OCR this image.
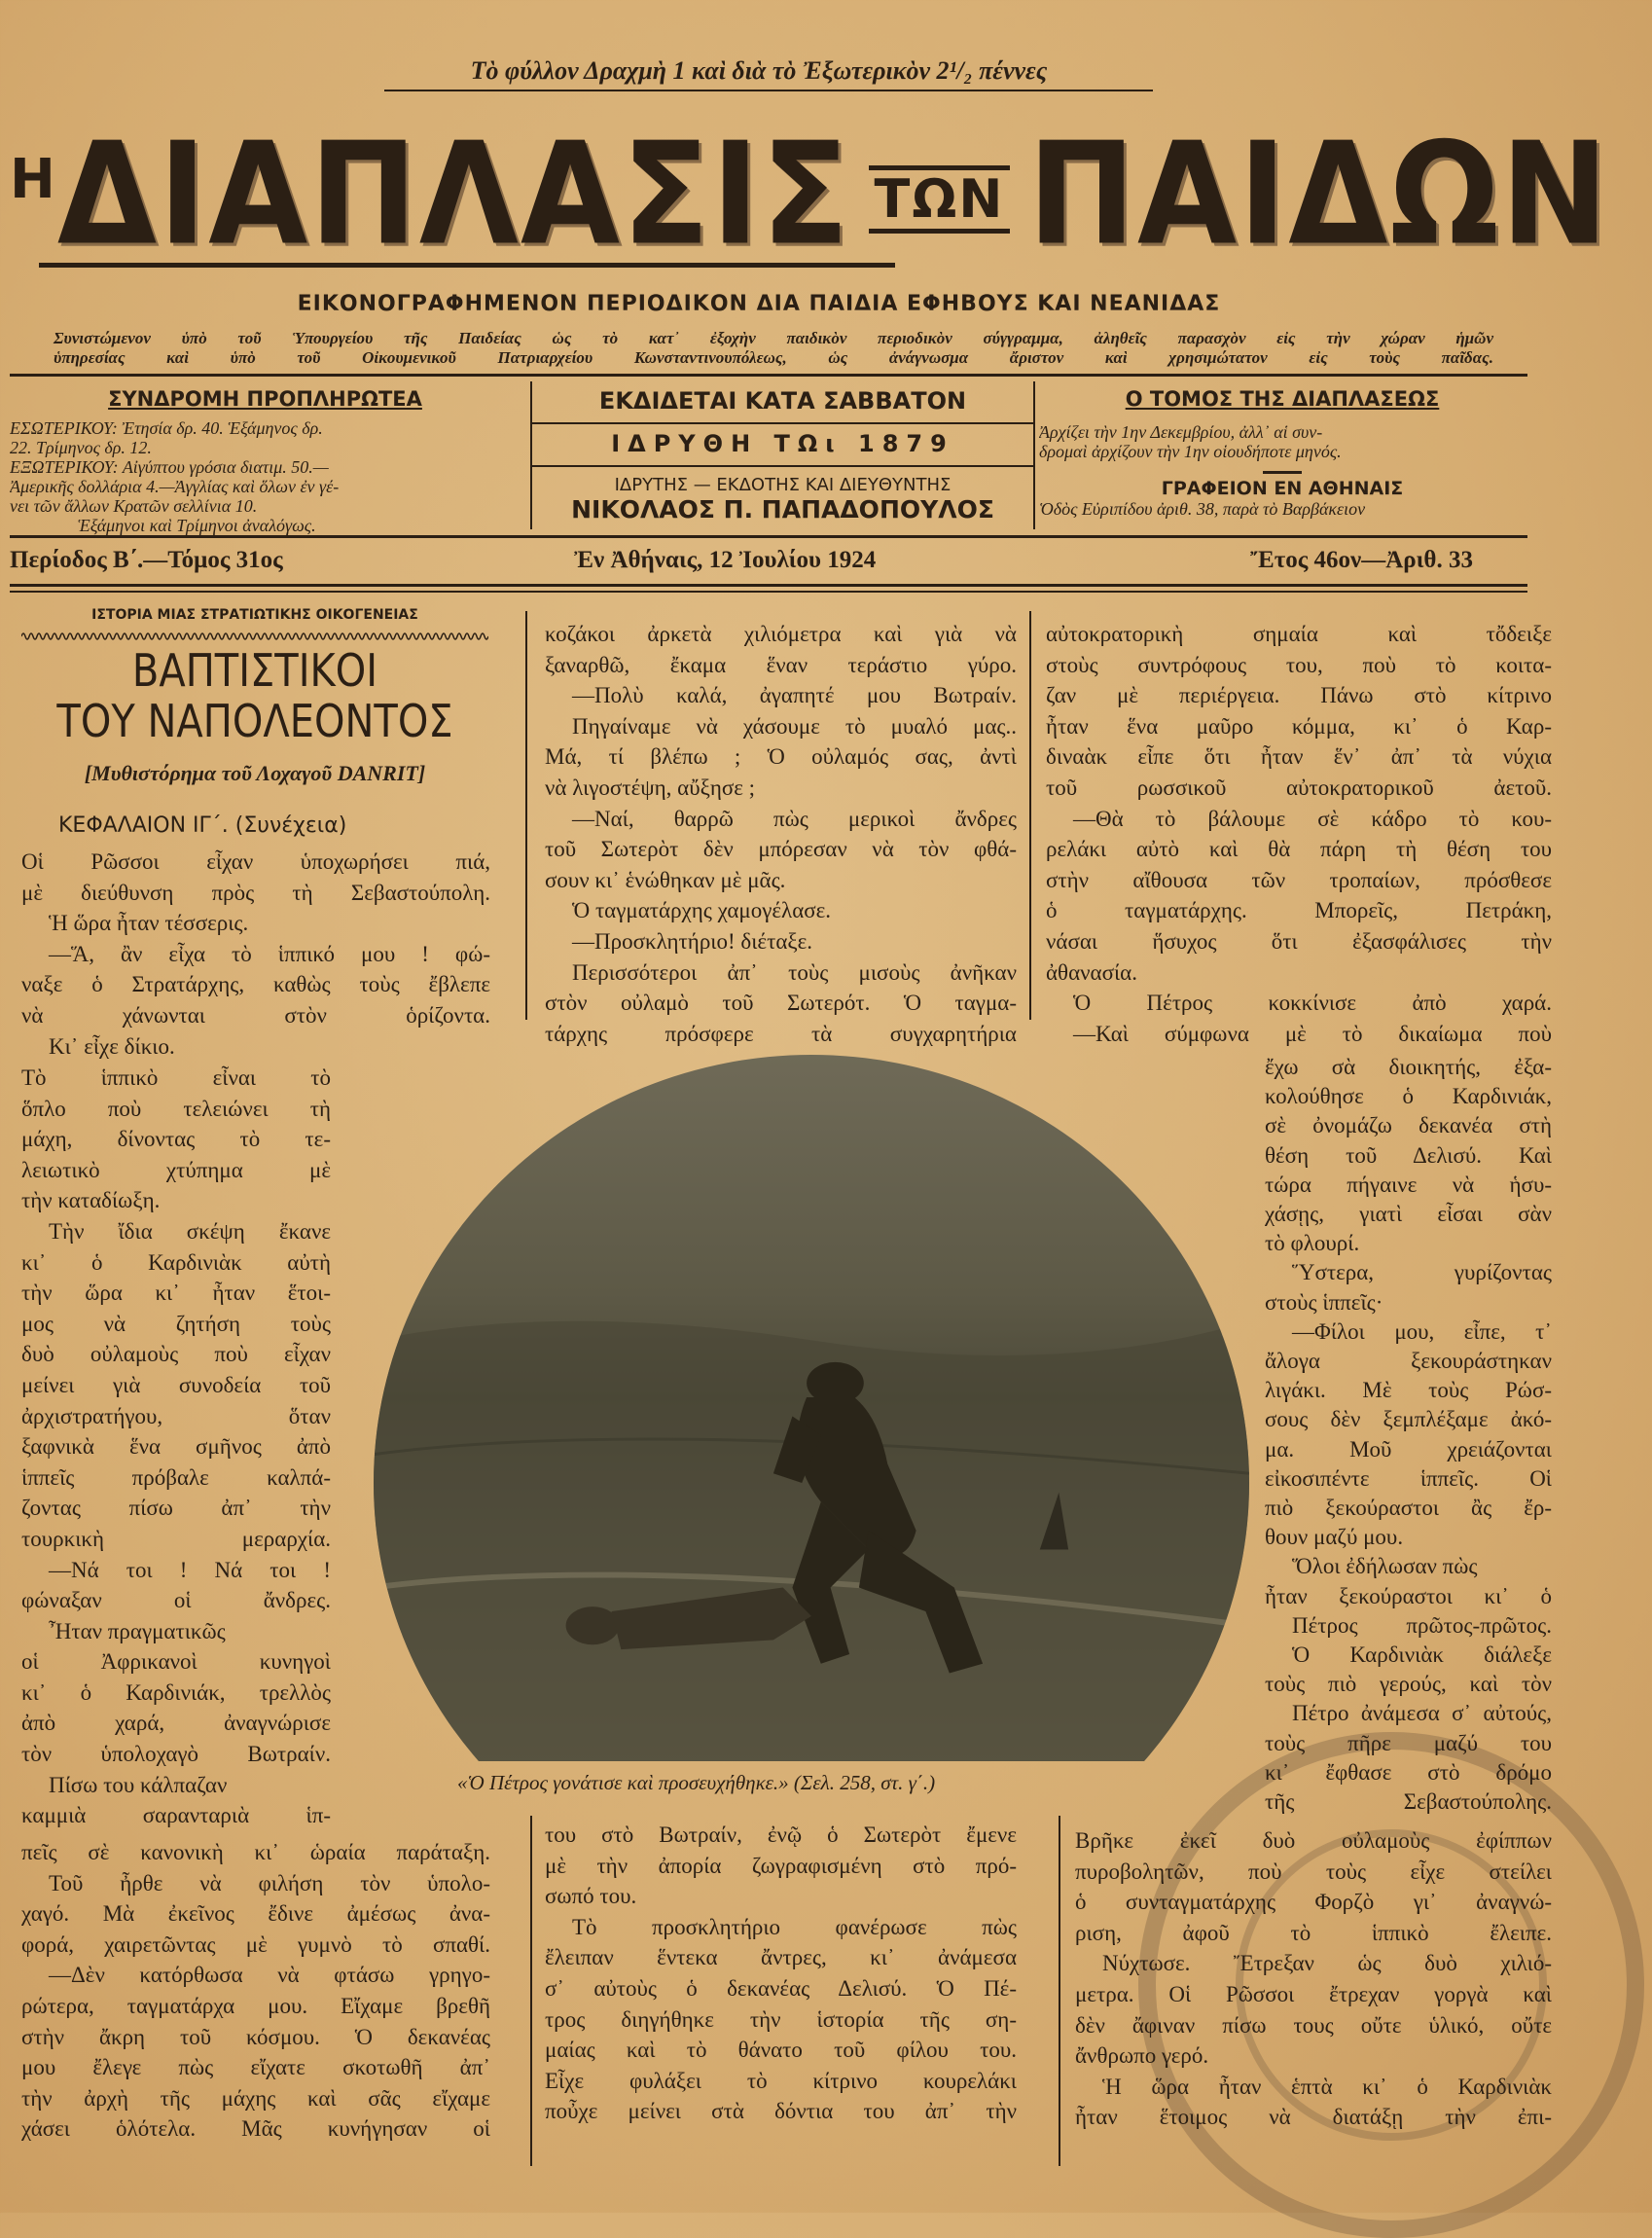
Τὸ φύλλον Δραχμὴ 1 καὶ διὰ τὸ Ἐξωτερικὸν 2¹/₂ πέννες
ΗΔΙΑΠΛΑΣΙΣ ΤΩΝ ΠΑΙΔΩΝ
ΕΙΚΟΝΟΓΡΑΦΗΜΕΝΟΝ ΠΕΡΙΟΔΙΚΟΝ ΔΙΑ ΠΑΙΔΙΑ ΕΦΗΒΟΥΣ ΚΑΙ ΝΕΑΝΙΔΑΣ
Συνιστώμενον ὑπὸ τοῦ Ὑπουργείου τῆς Παιδείας ὡς τὸ κατ᾿ ἐξοχὴν παιδικὸν περιοδικὸν σύγγραμμα, ἀληθεῖς παρασχὸν εἰς τὴν χώραν ἡμῶν
ὑπηρεσίας καὶ ὑπὸ τοῦ Οἰκουμενικοῦ Πατριαρχείου Κωνσταντινουπόλεως, ὡς ἀνάγνωσμα ἄριστον καὶ χρησιμώτατον εἰς τοὺς παῖδας.
ΣΥΝΔΡΟΜΗ ΠΡΟΠΛΗΡΩΤΕΑ
ΕΣΩΤΕΡΙΚΟΥ: Ἐτησία δρ. 40. Ἑξάμηνος δρ.
22. Τρίμηνος δρ. 12.
ΕΞΩΤΕΡΙΚΟΥ: Αἰγύπτου γρόσια διατιμ. 50.—
Ἀμερικῆς δολλάρια 4.—Ἀγγλίας καὶ ὅλων ἐν γέ-
νει τῶν ἄλλων Κρατῶν σελλίνια 10.
Ἑξάμηνοι καὶ Τρίμηνοι ἀναλόγως.
ΕΚΔΙΔΕΤΑΙ ΚΑΤΑ ΣΑΒΒΑΤΟΝ
ΙΔΡΥΘΗ ΤΩι 1879
ΙΔΡΥΤΗΣ — ΕΚΔΟΤΗΣ ΚΑΙ ΔΙΕΥΘΥΝΤΗΣ
ΝΙΚΟΛΑΟΣ Π. ΠΑΠΑΔΟΠΟΥΛΟΣ
Ο ΤΟΜΟΣ ΤΗΣ ΔΙΑΠΛΑΣΕΩΣ
Ἀρχίζει τὴν 1ην Δεκεμβρίου, ἀλλ᾿ αἱ συν-
δρομαὶ ἀρχίζουν τὴν 1ην οἱουδήποτε μηνός.
ΓΡΑΦΕΙΟΝ ΕΝ ΑΘΗΝΑΙΣ
Ὁδὸς Εὐριπίδου ἀριθ. 38, παρὰ τὸ Βαρβάκειον
Περίοδος Β΄.—Τόμος 31ος	Ἐν Ἀθήναις, 12 Ἰουλίου 1924	Ἔτος 46ον—Ἀριθ. 33
ΙΣΤΟΡΙΑ ΜΙΑΣ ΣΤΡΑΤΙΩΤΙΚΗΣ ΟΙΚΟΓΕΝΕΙΑΣ
ΒΑΠΤΙΣΤΙΚΟΙ
ΤΟΥ ΝΑΠΟΛΕΟΝΤΟΣ
[Μυθιστόρημα τοῦ Λοχαγοῦ DANRIT]
ΚΕΦΑΛΑΙΟΝ ΙΓ΄. (Συνέχεια)
Οἱ Ρῶσσοι εἶχαν ὑποχωρήσει πιά,
μὲ διεύθυνση πρὸς τὴ Σεβαστούπολη.
Ἡ ὥρα ἦταν τέσσερις.
—Ἅ, ἂν εἶχα τὸ ἱππικό μου ! φώ-
ναξε ὁ Στρατάρχης, καθὼς τοὺς ἔβλεπε
νὰ χάνωνται στὸν ὁρίζοντα.
Κι᾿ εἶχε δίκιο.
Τὸ ἱππικὸ εἶναι τὸ
ὅπλο ποὺ τελειώνει τὴ
μάχη, δίνοντας τὸ τε-
λειωτικὸ χτύπημα μὲ
τὴν καταδίωξη.
Τὴν ἴδια σκέψη ἔκανε
κι᾿ ὁ Καρδινιὰκ αὐτὴ
τὴν ὥρα κι᾿ ἦταν ἕτοι-
μος νὰ ζητήση τοὺς
δυὸ οὐλαμοὺς ποὺ εἶχαν
μείνει γιὰ συνοδεία τοῦ
ἀρχιστρατήγου, ὅταν
ξαφνικὰ ἕνα σμῆνος ἀπὸ
ἱππεῖς πρόβαλε καλπά-
ζοντας πίσω ἀπ᾿ τὴν
τουρκικὴ μεραρχία.
—Νά τοι ! Νά τοι !
φώναξαν οἱ ἄνδρες.
Ἦταν πραγματικῶς
οἱ Ἀφρικανοὶ κυνηγοὶ
κι᾿ ὁ Καρδινιάκ, τρελλὸς
ἀπὸ χαρά, ἀναγνώρισε
τὸν ὑπολοχαγὸ Βωτραίν.
Πίσω του κάλπαζαν
καμμιὰ σαρανταριὰ ἱπ-
πεῖς σὲ κανονικὴ κι᾿ ὡραία παράταξη.
Τοῦ ἦρθε νὰ φιλήση τὸν ὑπολο-
χαγό. Μὰ ἐκεῖνος ἔδινε ἀμέσως ἀνα-
φορά, χαιρετῶντας μὲ γυμνὸ τὸ σπαθί.
—Δὲν κατόρθωσα νὰ φτάσω γρηγο-
ρώτερα, ταγματάρχα μου. Εἴχαμε βρεθῆ
στὴν ἄκρη τοῦ κόσμου. Ὁ δεκανέας
μου ἔλεγε πὼς εἴχατε σκοτωθῆ ἀπ᾿
τὴν ἀρχὴ τῆς μάχης καὶ σᾶς εἴχαμε
χάσει ὁλότελα. Μᾶς κυνήγησαν οἱ
κοζάκοι ἀρκετὰ χιλιόμετρα καὶ γιὰ νὰ
ξαναρθῶ, ἔκαμα ἕναν τεράστιο γύρο.
—Πολὺ καλά, ἀγαπητέ μου Βωτραίν.
Πηγαίναμε νὰ χάσουμε τὸ μυαλό μας..
Μά, τί βλέπω ; Ὁ οὐλαμός σας, ἀντὶ
νὰ λιγοστέψη, αὔξησε ;
—Ναί, θαρρῶ πὼς μερικοὶ ἄνδρες
τοῦ Σωτερὸτ δὲν μπόρεσαν νὰ τὸν φθά-
σουν κι᾿ ἑνώθηκαν μὲ μᾶς.
Ὁ ταγματάρχης χαμογέλασε.
—Προσκλητήριο! διέταξε.
Περισσότεροι ἀπ᾿ τοὺς μισοὺς ἀνῆκαν
στὸν οὐλαμὸ τοῦ Σωτερότ. Ὁ ταγμα-
τάρχης πρόσφερε τὰ συγχαρητήρια
του στὸ Βωτραίν, ἐνῷ ὁ Σωτερὸτ ἔμενε
μὲ τὴν ἀπορία ζωγραφισμένη στὸ πρό-
σωπό του.
Τὸ προσκλητήριο φανέρωσε πὼς
ἔλειπαν ἕντεκα ἄντρες, κι᾿ ἀνάμεσα
σ᾿ αὐτοὺς ὁ δεκανέας Δελισύ. Ὁ Πέ-
τρος διηγήθηκε τὴν ἱστορία τῆς ση-
μαίας καὶ τὸ θάνατο τοῦ φίλου του.
Εἶχε φυλάξει τὸ κίτρινο κουρελάκι
ποὖχε μείνει στὰ δόντια του ἀπ᾿ τὴν
αὐτοκρατορικὴ σημαία καὶ τὄδειξε
στοὺς συντρόφους του, ποὺ τὸ κοιτα-
ζαν μὲ περιέργεια. Πάνω στὸ κίτρινο
ἦταν ἕνα μαῦρο κόμμα, κι᾿ ὁ Καρ-
διναὰκ εἶπε ὅτι ἦταν ἕν᾿ ἀπ᾿ τὰ νύχια
τοῦ ρωσσικοῦ αὐτοκρατορικοῦ ἀετοῦ.
—Θὰ τὸ βάλουμε σὲ κάδρο τὸ κου-
ρελάκι αὐτὸ καὶ θὰ πάρη τὴ θέση του
στὴν αἴθουσα τῶν τροπαίων, πρόσθεσε
ὁ ταγματάρχης. Μπορεῖς, Πετράκη,
νάσαι ἥσυχος ὅτι ἐξασφάλισες τὴν
ἀθανασία.
Ὁ Πέτρος κοκκίνισε ἀπὸ χαρά.
—Καὶ σύμφωνα μὲ τὸ δικαίωμα ποὺ
ἔχω σὰ διοικητής, ἐξα-
κολούθησε ὁ Καρδινιάκ,
σὲ ὀνομάζω δεκανέα στὴ
θέση τοῦ Δελισύ. Καὶ
τώρα πήγαινε νὰ ἡσυ-
χάσῃς, γιατὶ εἶσαι σὰν
τὸ φλουρί.
Ὕστερα, γυρίζοντας
στοὺς ἱππεῖς·
—Φίλοι μου, εἶπε, τ᾿
ἄλογα ξεκουράστηκαν
λιγάκι. Μὲ τοὺς Ρώσ-
σους δὲν ξεμπλέξαμε ἀκό-
μα. Μοῦ χρειάζονται
εἰκοσιπέντε ἱππεῖς. Οἱ
πιὸ ξεκούραστοι ἂς ἔρ-
θουν μαζύ μου.
Ὅλοι ἐδήλωσαν πὼς
ἦταν ξεκούραστοι κι᾿ ὁ
Πέτρος πρῶτος-πρῶτος.
Ὁ Καρδινιὰκ διάλεξε
τοὺς πιὸ γερούς, καὶ τὸν
Πέτρο ἀνάμεσα σ᾿ αὐτούς,
τοὺς πῆρε μαζύ του
κι᾿ ἔφθασε στὸ δρόμο
τῆς Σεβαστούπολης.
Βρῆκε ἐκεῖ δυὸ οὐλαμοὺς ἐφίππων
πυροβολητῶν, ποὺ τοὺς εἶχε στείλει
ὁ συνταγματάρχης Φορζὸ γι᾿ ἀναγνώ-
ριση, ἀφοῦ τὸ ἱππικὸ ἔλειπε.
Νύχτωσε. Ἔτρεξαν ὡς δυὸ χιλιό-
μετρα. Οἱ Ρῶσσοι ἔτρεχαν γοργὰ καὶ
δὲν ἄφιναν πίσω τους οὔτε ὑλικό, οὔτε
ἄνθρωπο γερό.
Ἡ ὥρα ἦταν ἑπτὰ κι᾿ ὁ Καρδινιὰκ
ἦταν ἕτοιμος νὰ διατάξῃ τὴν ἐπι-
«Ὁ Πέτρος γονάτισε καὶ προσευχήθηκε.» (Σελ. 258, στ. γ΄.)
